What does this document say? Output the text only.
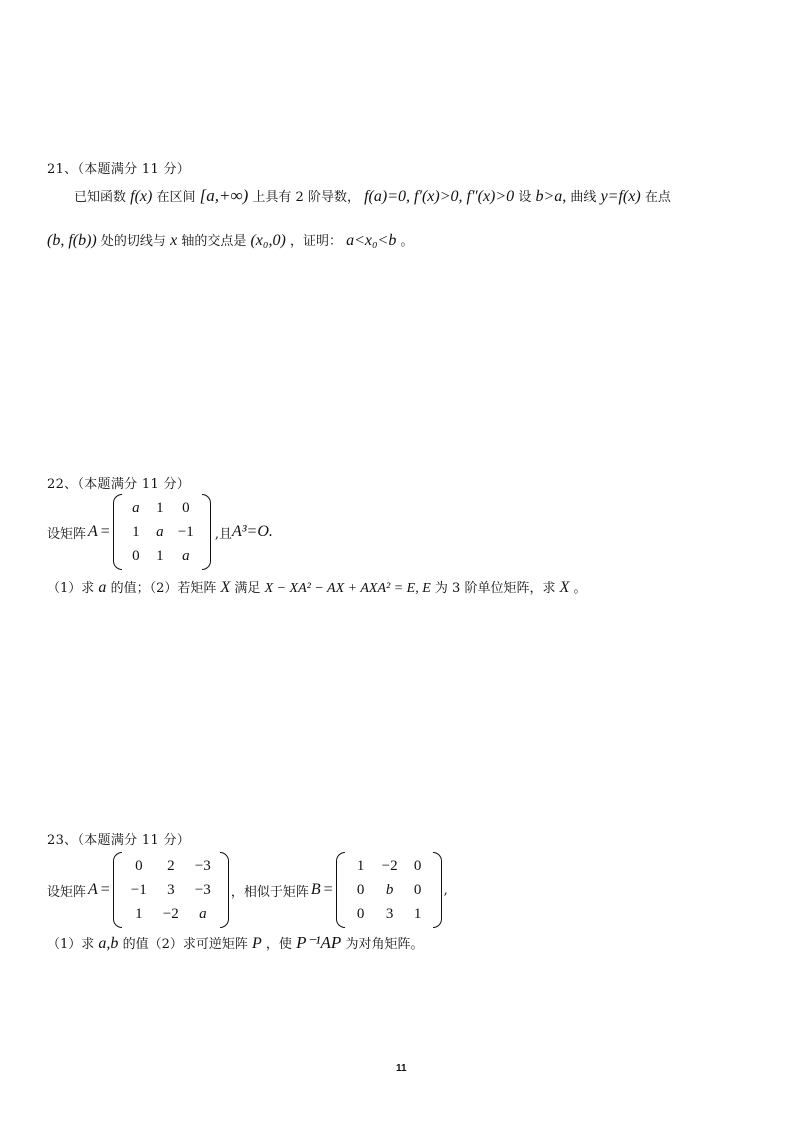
21、（本题满分 11 分）
已知函数 f(x) 在区间 [a,+∞) 上具有 2 阶导数， f(a)=0, f′(x)>0, f″(x)>0 设 b>a, 曲线 y=f(x) 在点
(b, f(b)) 处的切线与 x 轴的交点是 (x₀,0) ，证明： a<x₀<b 。
22、（本题满分 11 分）
设矩阵 A =
a 1 0
1 a −1
0 1 a
,且 A³=O.
（1）求 a 的值；（2）若矩阵 X 满足 X − XA² − AX + AXA² = E, E 为 3 阶单位矩阵，求 X 。
23、（本题满分 11 分）
设矩阵 A =
0 2 −3
−1 3 −3
1 −2 a
，相似于矩阵 B =
1 −2 0
0 b 0
0 3 1
,
（1）求 a,b 的值（2）求可逆矩阵 P ，使 P⁻¹AP 为对角矩阵。
11
